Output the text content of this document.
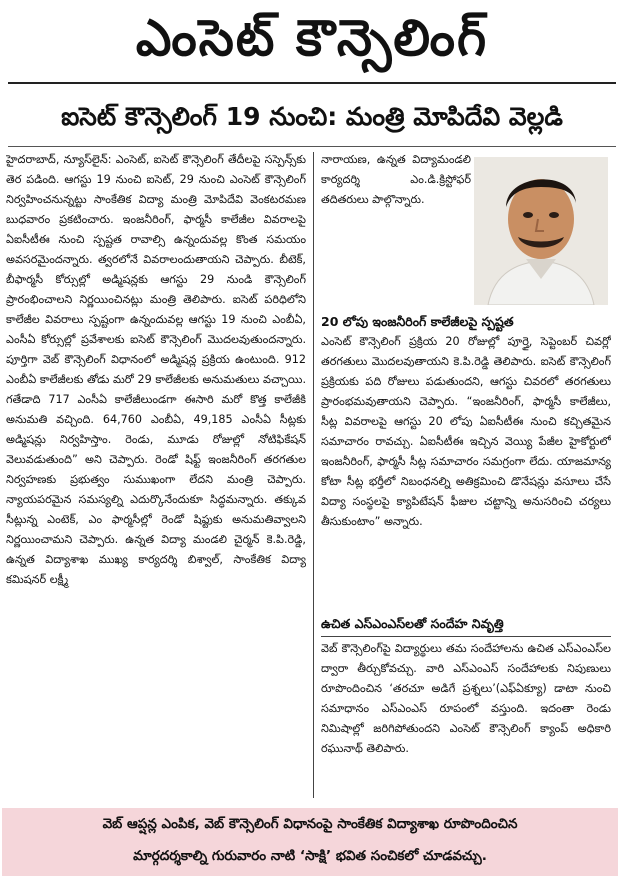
ఎంసెట్ కౌన్సెలింగ్
ఐసెట్ కౌన్సెలింగ్ 19 నుంచి: మంత్రి మోపిదేవి వెల్లడి
హైదరాబాద్, న్యూస్‌లైన్: ఎంసెట్, ఐసెట్ కౌన్సెలింగ్ తేదీలపై సస్పెన్స్‌కు తెర పడింది. ఆగస్టు 19 నుంచి ఐసెట్, 29 నుంచి ఎంసెట్ కౌన్సెలింగ్ నిర్వహించనున్నట్టు సాంకేతిక విద్యా మంత్రి మోపిదేవి వెంకటరమణ బుధవారం ప్రకటించారు. ఇంజనీరింగ్, ఫార్మసీ కాలేజీల వివరాలపై ఏఐసీటీఈ నుంచి స్పష్టత రావాల్సి ఉన్నందువల్ల కొంత సమయం అవసరమైందన్నారు. త్వరలోనే వివరాలందుతాయని చెప్పారు. బీటెక్, బీఫార్మసీ కోర్సుల్లో అడ్మిషన్లకు ఆగస్టు 29 నుండి కౌన్సెలింగ్ ప్రారంభించాలని నిర్ణయించినట్లు మంత్రి తెలిపారు. ఐసెట్ పరిధిలోని కాలేజీల వివరాలు స్పష్టంగా ఉన్నందువల్ల ఆగస్టు 19 నుంచి ఎంబీఏ, ఎంసీఏ కోర్సుల్లో ప్రవేశాలకు ఐసెట్ కౌన్సెలింగ్ మొదలవుతుందన్నారు. పూర్తిగా వెబ్ కౌన్సెలింగ్ విధానంలో అడ్మిషన్ల ప్రక్రియ ఉంటుంది. 912 ఎంబీఏ కాలేజీలకు తోడు మరో 29 కాలేజీలకు అనుమతులు వచ్చాయి. గతేడాది 717 ఎంసీఏ కాలేజీలుండగా ఈసారి మరో కొత్త కాలేజీకి అనుమతి వచ్చింది. 64,760 ఎంబీఏ, 49,185 ఎంసీఏ సీట్లకు అడ్మిషన్లు నిర్వహిస్తాం. రెండు, మూడు రోజుల్లో నోటిఫికేషన్ వెలువడుతుంది” అని చెప్పారు. రెండో షిఫ్ట్ ఇంజనీరింగ్ తరగతుల నిర్వహణకు ప్రభుత్వం సుముఖంగా లేదని మంత్రి చెప్పారు. న్యాయపరమైన సమస్యల్ని ఎదుర్కొనేందుకూ సిద్ధమన్నారు. తక్కువ సీట్లున్న ఎంటెక్, ఎం ఫార్మసీల్లో రెండో షిఫ్టుకు అనుమతివ్వాలని నిర్ణయించామని చెప్పారు. ఉన్నత విద్యా మండలి చైర్మన్ కె.పి.రెడ్డి, ఉన్నత విద్యాశాఖ ముఖ్య కార్యదర్శి బిశ్వాల్, సాంకేతిక విద్యా కమిషనర్ లక్ష్మీ
నారాయణ, ఉన్నత విద్యామండలి కార్యదర్శి ఎం.డి.క్రిస్టోఫర్ తదితరులు పాల్గొన్నారు.
20 లోపు ఇంజనీరింగ్ కాలేజీలపై స్పష్టత
ఎంసెట్ కౌన్సెలింగ్ ప్రక్రియ 20 రోజుల్లో పూర్తై, సెప్టెంబర్ చివర్లో తరగతులు మొదలవుతాయని కె.పి.రెడ్డి తెలిపారు. ఐసెట్ కౌన్సెలింగ్ ప్రక్రియకు పది రోజులు పడుతుందని, ఆగస్టు చివరలో తరగతులు ప్రారంభమవుతాయని చెప్పారు. “ఇంజనీరింగ్, ఫార్మసీ కాలేజీలు, సీట్ల వివరాలపై ఆగస్టు 20 లోపు ఏఐసీటీఈ నుంచి కచ్చితమైన సమాచారం రావచ్చు. ఏఐసీటీఈ ఇచ్చిన వెయ్యి పేజీల హైకోర్టులో ఇంజనీరింగ్, ఫార్మసీ సీట్ల సమాచారం సమగ్రంగా లేదు. యాజమాన్య కోటా సీట్ల భర్తీలో నిబంధనల్ని అతిక్రమించి డొనేషన్లు వసూలు చేసే విద్యా సంస్థలపై క్యాపిటేషన్ ఫీజుల చట్టాన్ని అనుసరించి చర్యలు తీసుకుంటాం” అన్నారు.
ఉచిత ఎస్ఎంఎస్‌లతో సందేహ నివృత్తి
వెబ్ కౌన్సెలింగ్‌పై విద్యార్థులు తమ సందేహాలను ఉచిత ఎస్ఎంఎస్‌ల ద్వారా తీర్చుకోవచ్చు. వారి ఎస్ఎంఎస్ సందేహాలకు నిపుణులు రూపొందించిన ‘తరచూ అడిగే ప్రశ్నలు’(ఎఫ్ఏక్యూ) డాటా నుంచి సమాధానం ఎస్ఎంఎస్ రూపంలో వస్తుంది. ఇదంతా రెండు నిమిషాల్లో జరిగిపోతుందని ఎంసెట్ కౌన్సెలింగ్ క్యాంప్ అధికారి రఘునాథ్ తెలిపారు.
వెబ్ ఆప్షన్ల ఎంపిక, వెబ్ కౌన్సెలింగ్ విధానంపై సాంకేతిక విద్యాశాఖ రూపొందించిన
మార్గదర్శకాల్ని గురువారం నాటి ‘సాక్షి’ భవిత సంచికలో చూడవచ్చు.
